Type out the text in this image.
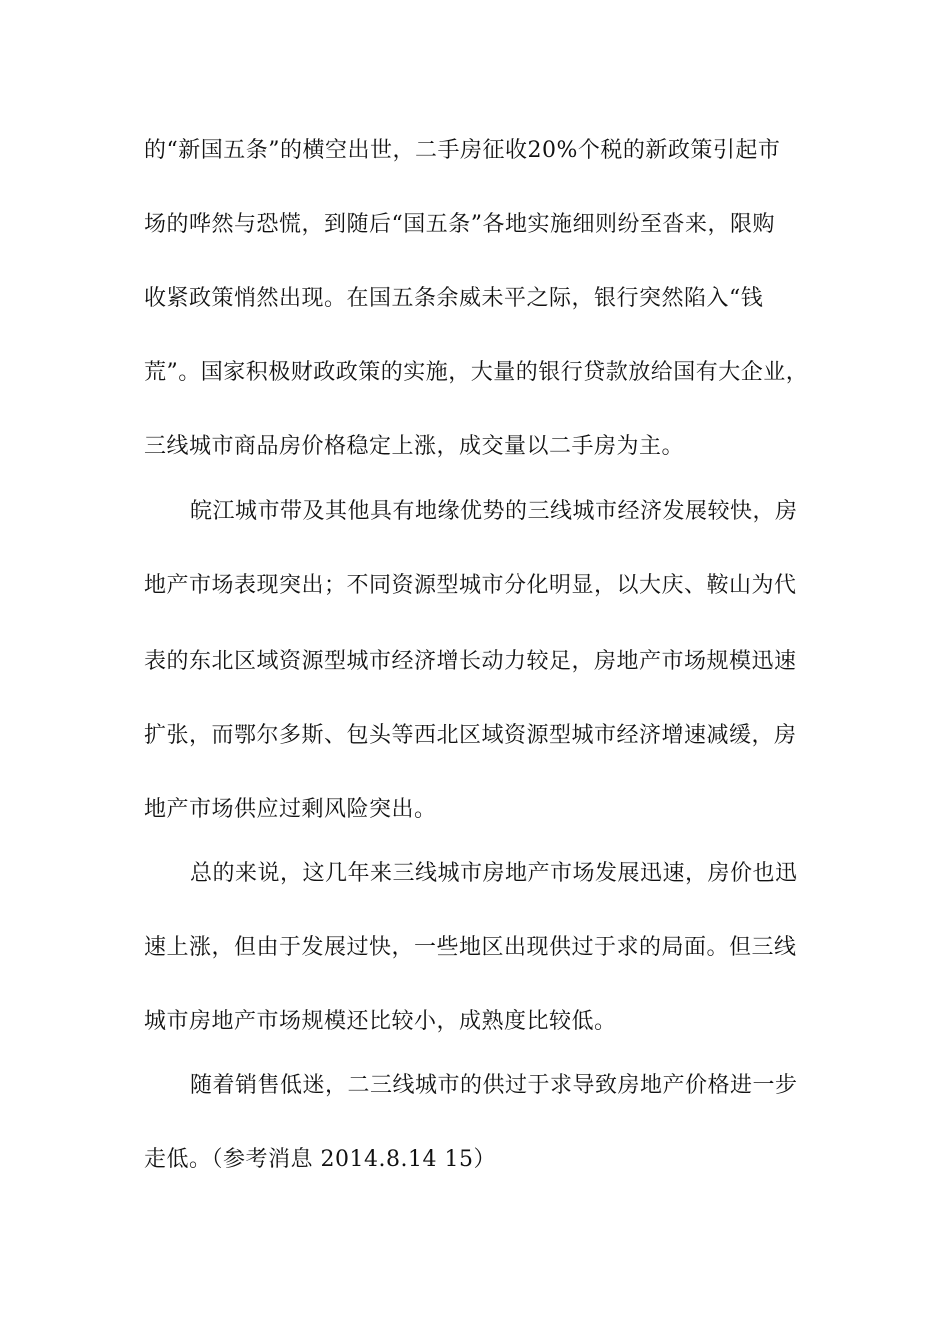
的“新国五条”的横空出世，二手房征收20%个税的新政策引起市
场的哗然与恐慌，到随后“国五条”各地实施细则纷至沓来，限购
收紧政策悄然出现。在国五条余威未平之际，银行突然陷入“钱
荒”。国家积极财政政策的实施，大量的银行贷款放给国有大企业，
三线城市商品房价格稳定上涨，成交量以二手房为主。
皖江城市带及其他具有地缘优势的三线城市经济发展较快，房
地产市场表现突出；不同资源型城市分化明显，以大庆、鞍山为代
表的东北区域资源型城市经济增长动力较足，房地产市场规模迅速
扩张，而鄂尔多斯、包头等西北区域资源型城市经济增速减缓，房
地产市场供应过剩风险突出。
总的来说，这几年来三线城市房地产市场发展迅速，房价也迅
速上涨，但由于发展过快，一些地区出现供过于求的局面。但三线
城市房地产市场规模还比较小，成熟度比较低。
随着销售低迷，二三线城市的供过于求导致房地产价格进一步
走低。（参考消息 2014.8.14 15）
